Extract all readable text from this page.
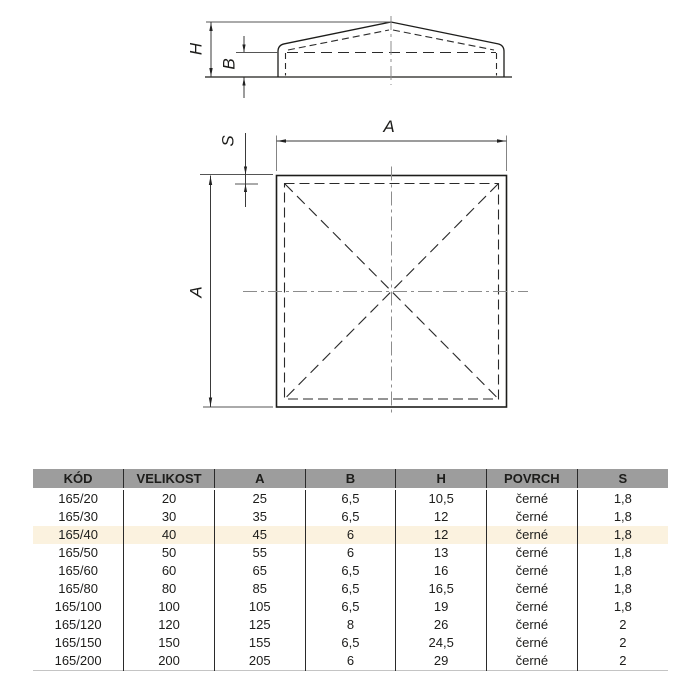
H
B
A
S
A
KÓD	VELIKOST	A	B	H	POVRCH	S
165/20	20	25	6,5	10,5	černé	1,8
165/30	30	35	6,5	12	černé	1,8
165/40	40	45	6	12	černé	1,8
165/50	50	55	6	13	černé	1,8
165/60	60	65	6,5	16	černé	1,8
165/80	80	85	6,5	16,5	černé	1,8
165/100	100	105	6,5	19	černé	1,8
165/120	120	125	8	26	černé	2
165/150	150	155	6,5	24,5	černé	2
165/200	200	205	6	29	černé	2
